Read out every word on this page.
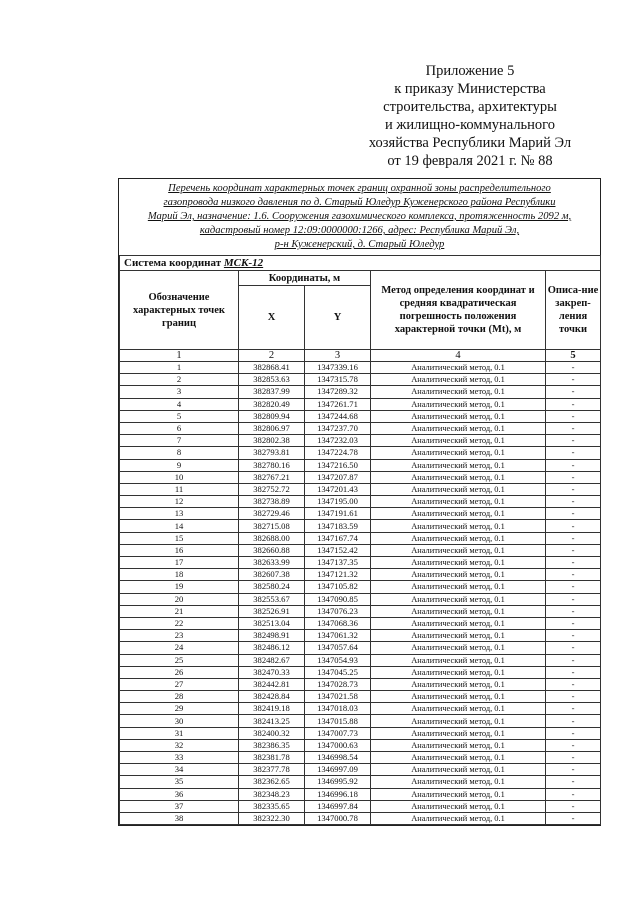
Приложение 5
к приказу Министерства
строительства, архитектуры
и жилищно-коммунального
хозяйства Республики Марий Эл
от 19 февраля 2021 г. № 88
Перечень координат характерных точек границ охранной зоны распределительного
газопровода низкого давления по д. Старый Юледур Куженерского района Республики
Марий Эл, назначение: 1.6. Сооружения газохимического комплекса, протяженность 2092 м,
кадастровый номер 12:09:0000000:1266, адрес: Республика Марий Эл,
р-н Куженерский, д. Старый Юледур
Система координат МСК-12				
Обозначение характерных точек границ	Координаты, м		Метод определения координат и средняя квадратическая погрешность положения характерной точки (Mt), м	Описа-ние закреп-ления точки
	X	Y		
1	2	3	4	5
1	382868.41	1347339.16	Аналитический метод, 0.1	-
2	382853.63	1347315.78	Аналитический метод, 0.1	-
3	382837.99	1347289.32	Аналитический метод, 0.1	-
4	382820.49	1347261.71	Аналитический метод, 0.1	-
5	382809.94	1347244.68	Аналитический метод, 0.1	-
6	382806.97	1347237.70	Аналитический метод, 0.1	-
7	382802.38	1347232.03	Аналитический метод, 0.1	-
8	382793.81	1347224.78	Аналитический метод, 0.1	-
9	382780.16	1347216.50	Аналитический метод, 0.1	-
10	382767.21	1347207.87	Аналитический метод, 0.1	-
11	382752.72	1347201.43	Аналитический метод, 0.1	-
12	382738.89	1347195.00	Аналитический метод, 0.1	-
13	382729.46	1347191.61	Аналитический метод, 0.1	-
14	382715.08	1347183.59	Аналитический метод, 0.1	-
15	382688.00	1347167.74	Аналитический метод, 0.1	-
16	382660.88	1347152.42	Аналитический метод, 0.1	-
17	382633.99	1347137.35	Аналитический метод, 0.1	-
18	382607.38	1347121.32	Аналитический метод, 0.1	-
19	382580.24	1347105.82	Аналитический метод, 0.1	-
20	382553.67	1347090.85	Аналитический метод, 0.1	-
21	382526.91	1347076.23	Аналитический метод, 0.1	-
22	382513.04	1347068.36	Аналитический метод, 0.1	-
23	382498.91	1347061.32	Аналитический метод, 0.1	-
24	382486.12	1347057.64	Аналитический метод, 0.1	-
25	382482.67	1347054.93	Аналитический метод, 0.1	-
26	382470.33	1347045.25	Аналитический метод, 0.1	-
27	382442.81	1347028.73	Аналитический метод, 0.1	-
28	382428.84	1347021.58	Аналитический метод, 0.1	-
29	382419.18	1347018.03	Аналитический метод, 0.1	-
30	382413.25	1347015.88	Аналитический метод, 0.1	-
31	382400.32	1347007.73	Аналитический метод, 0.1	-
32	382386.35	1347000.63	Аналитический метод, 0.1	-
33	382381.78	1346998.54	Аналитический метод, 0.1	-
34	382377.78	1346997.09	Аналитический метод, 0.1	-
35	382362.65	1346995.92	Аналитический метод, 0.1	-
36	382348.23	1346996.18	Аналитический метод, 0.1	-
37	382335.65	1346997.84	Аналитический метод, 0.1	-
38	382322.30	1347000.78	Аналитический метод, 0.1	-
